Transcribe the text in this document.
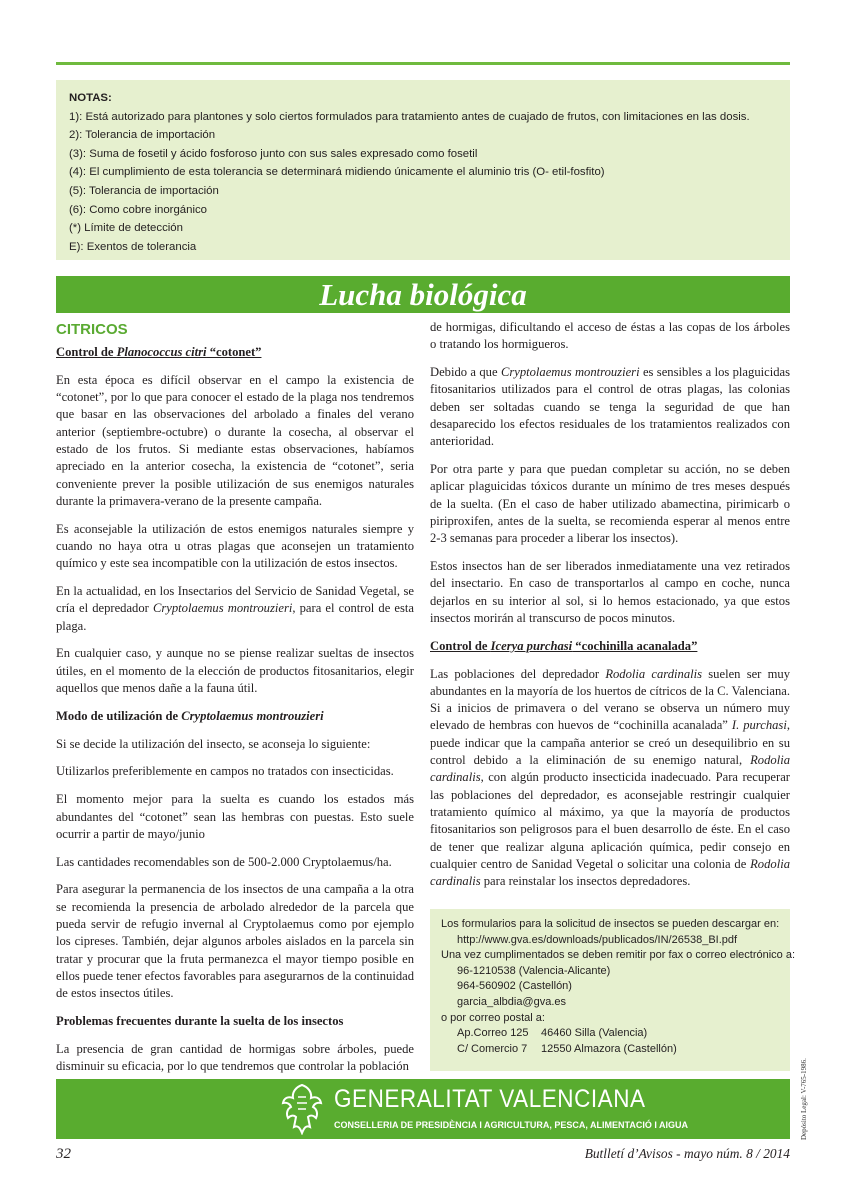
NOTAS:
1): Está autorizado para plantones y solo ciertos formulados para tratamiento antes de cuajado de frutos, con limitaciones en las dosis.
2): Tolerancia de importación
(3): Suma de fosetil y ácido fosforoso junto con sus sales expresado como fosetil
(4): El cumplimiento de esta tolerancia se determinará midiendo únicamente el aluminio tris (O- etil-fosfito)
(5): Tolerancia de importación
(6): Como cobre inorgánico
(*) Límite de detección
E): Exentos de tolerancia
Lucha biológica
CITRICOS

Control de Planococcus citri “cotonet”

En esta época es difícil observar en el campo la existencia de “cotonet”, por lo que para conocer el estado de la plaga nos tendremos que basar en las observaciones del arbolado a finales del verano anterior (septiembre-octubre) o durante la cosecha, al observar el estado de los frutos. Si mediante estas observaciones, habíamos apreciado en la anterior cosecha, la existencia de “cotonet”, seria conveniente prever la posible utilización de sus enemigos naturales durante la primavera-verano de la presente campaña.

Es aconsejable la utilización de estos enemigos naturales siempre y cuando no haya otra u otras plagas que aconsejen un tratamiento químico y este sea incompatible con la utilización de estos insectos.

En la actualidad, en los Insectarios del Servicio de Sanidad Vegetal, se cría el depredador Cryptolaemus montrouzieri, para el control de esta plaga.

En cualquier caso, y aunque no se piense realizar sueltas de insectos útiles, en el momento de la elección de productos fitosanitarios, elegir aquellos que menos dañe a la fauna útil.

Modo de utilización de Cryptolaemus montrouzieri

Si se decide la utilización del insecto, se aconseja lo siguiente:

Utilizarlos preferiblemente en campos no tratados con insecticidas.

El momento mejor para la suelta es cuando los estados más abundantes del “cotonet” sean las hembras con puestas. Esto suele ocurrir a partir de mayo/junio

Las cantidades recomendables son de 500-2.000 Cryptolaemus/ha.

Para asegurar la permanencia de los insectos de una campaña a la otra se recomienda la presencia de arbolado alrededor de la parcela que pueda servir de refugio invernal al Cryptolaemus como por ejemplo los cipreses. También, dejar algunos arboles aislados en la parcela sin tratar y procurar que la fruta permanezca el mayor tiempo posible en ellos puede tener efectos favorables para asegurarnos de la continuidad de estos insectos útiles.

Problemas frecuentes durante la suelta de los insectos

La presencia de gran cantidad de hormigas sobre árboles, puede disminuir su eficacia, por lo que tendremos que controlar la población

de hormigas, dificultando el acceso de éstas a las copas de los árboles o tratando los hormigueros.

Debido a que Cryptolaemus montrouzieri es sensibles a los plaguicidas fitosanitarios utilizados para el control de otras plagas, las colonias deben ser soltadas cuando se tenga la seguridad de que han desaparecido los efectos residuales de los tratamientos realizados con anterioridad.

Por otra parte y para que puedan completar su acción, no se deben aplicar plaguicidas tóxicos durante un mínimo de tres meses después de la suelta. (En el caso de haber utilizado abamectina, pirimicarb o piriproxifen, antes de la suelta, se recomienda esperar al menos entre 2-3 semanas para proceder a liberar los insectos).

Estos insectos han de ser liberados inmediatamente una vez retirados del insectario. En caso de transportarlos al campo en coche, nunca dejarlos en su interior al sol, si lo hemos estacionado, ya que estos insectos morirán al transcurso de pocos minutos.

Control de Icerya purchasi “cochinilla acanalada”

Las poblaciones del depredador Rodolia cardinalis suelen ser muy abundantes en la mayoría de los huertos de cítricos de la C. Valenciana. Si a inicios de primavera o del verano se observa un número muy elevado de hembras con huevos de “cochinilla acanalada” I. purchasi, puede indicar que la campaña anterior se creó un desequilibrio en su control debido a la eliminación de su enemigo natural, Rodolia cardinalis, con algún producto insecticida inadecuado. Para recuperar las poblaciones del depredador, es aconsejable restringir cualquier tratamiento químico al máximo, ya que la mayoría de productos fitosanitarios son peligrosos para el buen desarrollo de éste. En el caso de tener que realizar alguna aplicación química, pedir consejo en cualquier centro de Sanidad Vegetal o solicitar una colonia de Rodolia cardinalis para reinstalar los insectos depredadores.

Los formularios para la solicitud de insectos se pueden descargar en:
http://www.gva.es/downloads/publicados/IN/26538_BI.pdf
Una vez cumplimentados se deben remitir por fax o correo electrónico a:
96-1210538 (Valencia-Alicante)
964-560902 (Castellón)
garcia_albdia@gva.es
o por correo postal a:
Ap.Correo 125 46460 Silla (Valencia)
C/ Comercio 7 12550 Almazora (Castellón)
GENERALITAT VALENCIANA
CONSELLERIA DE PRESIDÈNCIA I AGRICULTURA, PESCA, ALIMENTACIÓ I AIGUA	Depósito Legal: V-765-1986.
32	Butlletí d’Avisos - mayo núm. 8 / 2014
